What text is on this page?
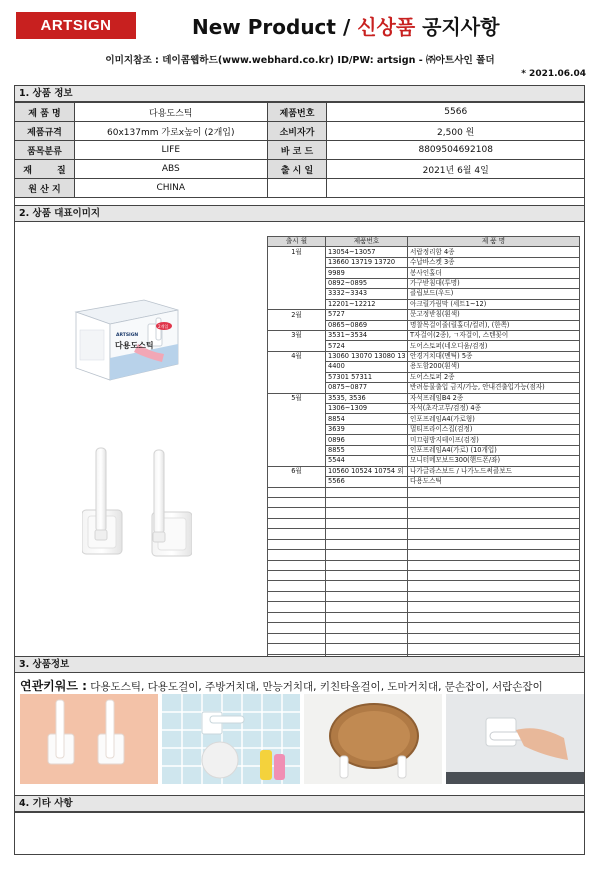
ARTSIGN	New Product / 신상품 공지사항
이미지참조 : 데이콤웹하드(www.webhard.co.kr) ID/PW: artsign - ㈜아트사인 폴더
* 2021.06.04
1. 상품 정보
제 품 명	다용도스틱	제품번호	5566
제품규격	60x137mm 가로x높이 (2개입)	소비자가	2,500 원
품목분류	LIFE	바 코 드	8809504692108
재        질	ABS	출 시 일	2021년 6월 4일
원 산 지	CHINA		
2. 상품 대표이미지
2개입
ARTSIGN
다용도스틱
출시 월	제품번호	제 품 명
1월	13054~13057	서랍정리함 4종
	13660 13719 13720	수납바스켓 3종
	9989	봉사인홀더
	0892~0895	가구받침대(투명)
	3332~3343	클립보드(우드)
	12201~12212	아크릴가림막 (세트1~12)
2월	5727	문고정받침(흰색)
	0865~0869	명찰목걸이줄(릴홀더/컬러), (한쪽)
3월	3531~3534	T자걸이(2종), ㄱ자걸이, 스텐꽂이
	5724	도어스토퍼(네오디움/검정)
4월	13060 13070 13080 13	안경거치대(멘틱) 5종
	4400	용도함200(흰색)
	57301 57311	도어스토퍼 2종
	0875~0877	반려동물출입 금지/가능, 안내견출입가능(점자)
5월	3535, 3536	자석프레임B4 2종
	1306~1309	자석(초각고무/검정) 4종
	8854	인포프레임A4(가로형)
	3639	멀티프라이스집(검정)
	0896	미끄럼방지테이프(검정)
	8855	인포프레임A4(가로) (10개입)
	5544	모니터메모보드300(핸드폰/좌)
6월	10560 10524 10754 외	나가글라스보드 / 나가노드써클보드
	5566	다용도스틱

3. 상품정보
연관키워드 : 다용도스틱, 다용도걸이, 주방거치대, 만능거치대, 키친타올걸이, 도마거치대, 문손잡이, 서랍손잡이
4. 기타 사항
